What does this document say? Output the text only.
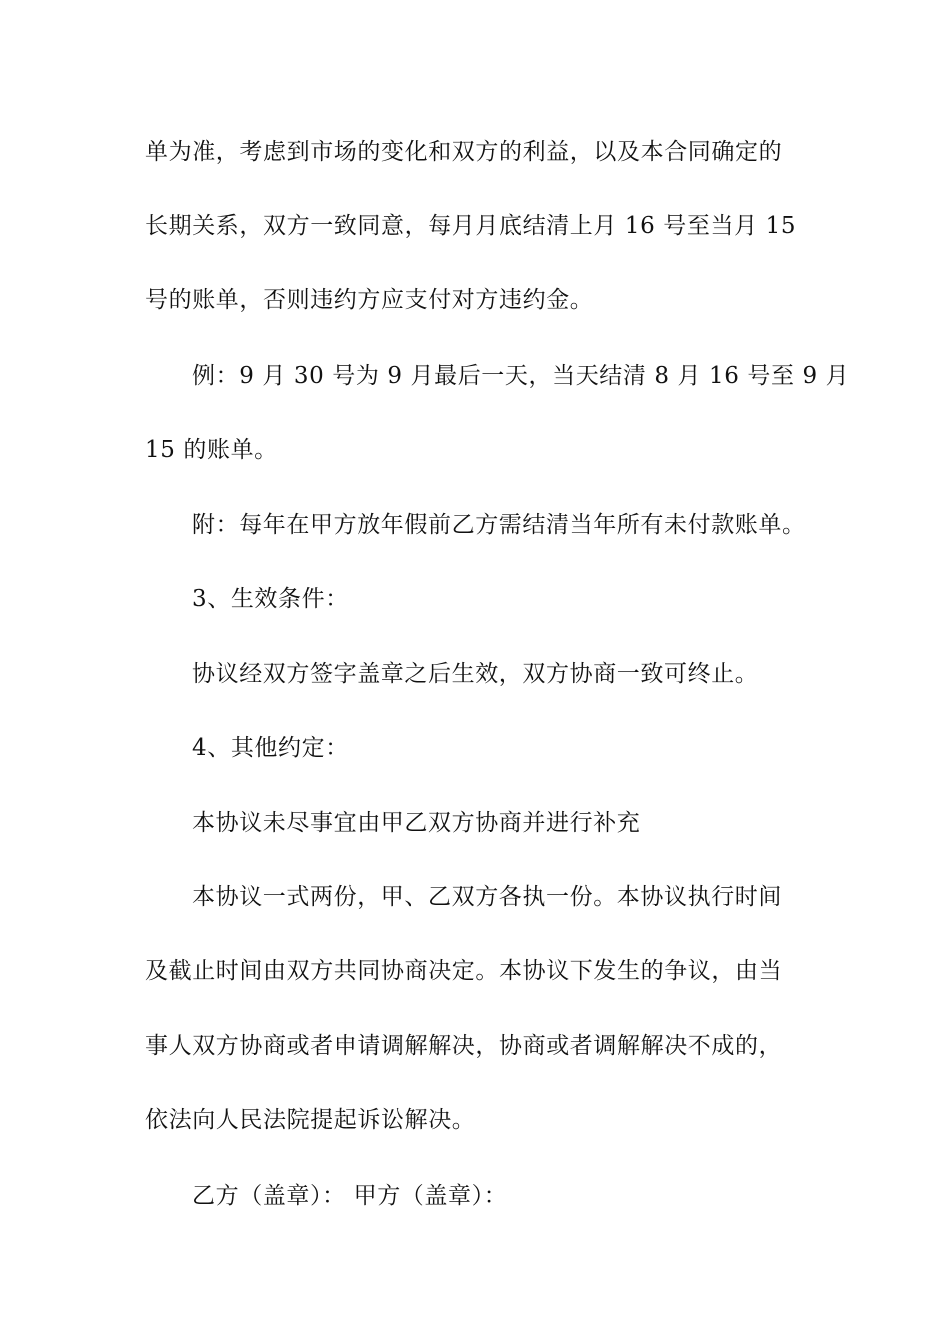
单为准，考虑到市场的变化和双方的利益，以及本合同确定的
长期关系，双方一致同意，每月月底结清上月 16 号至当月 15
号的账单，否则违约方应支付对方违约金。
例：9 月 30 号为 9 月最后一天，当天结清 8 月 16 号至 9 月
15 的账单。
附：每年在甲方放年假前乙方需结清当年所有未付款账单。
3、生效条件：
协议经双方签字盖章之后生效，双方协商一致可终止。
4、其他约定：
本协议未尽事宜由甲乙双方协商并进行补充
本协议一式两份，甲、乙双方各执一份。本协议执行时间
及截止时间由双方共同协商决定。本协议下发生的争议，由当
事人双方协商或者申请调解解决，协商或者调解解决不成的，
依法向人民法院提起诉讼解决。
乙方（盖章）： 甲方（盖章）：
